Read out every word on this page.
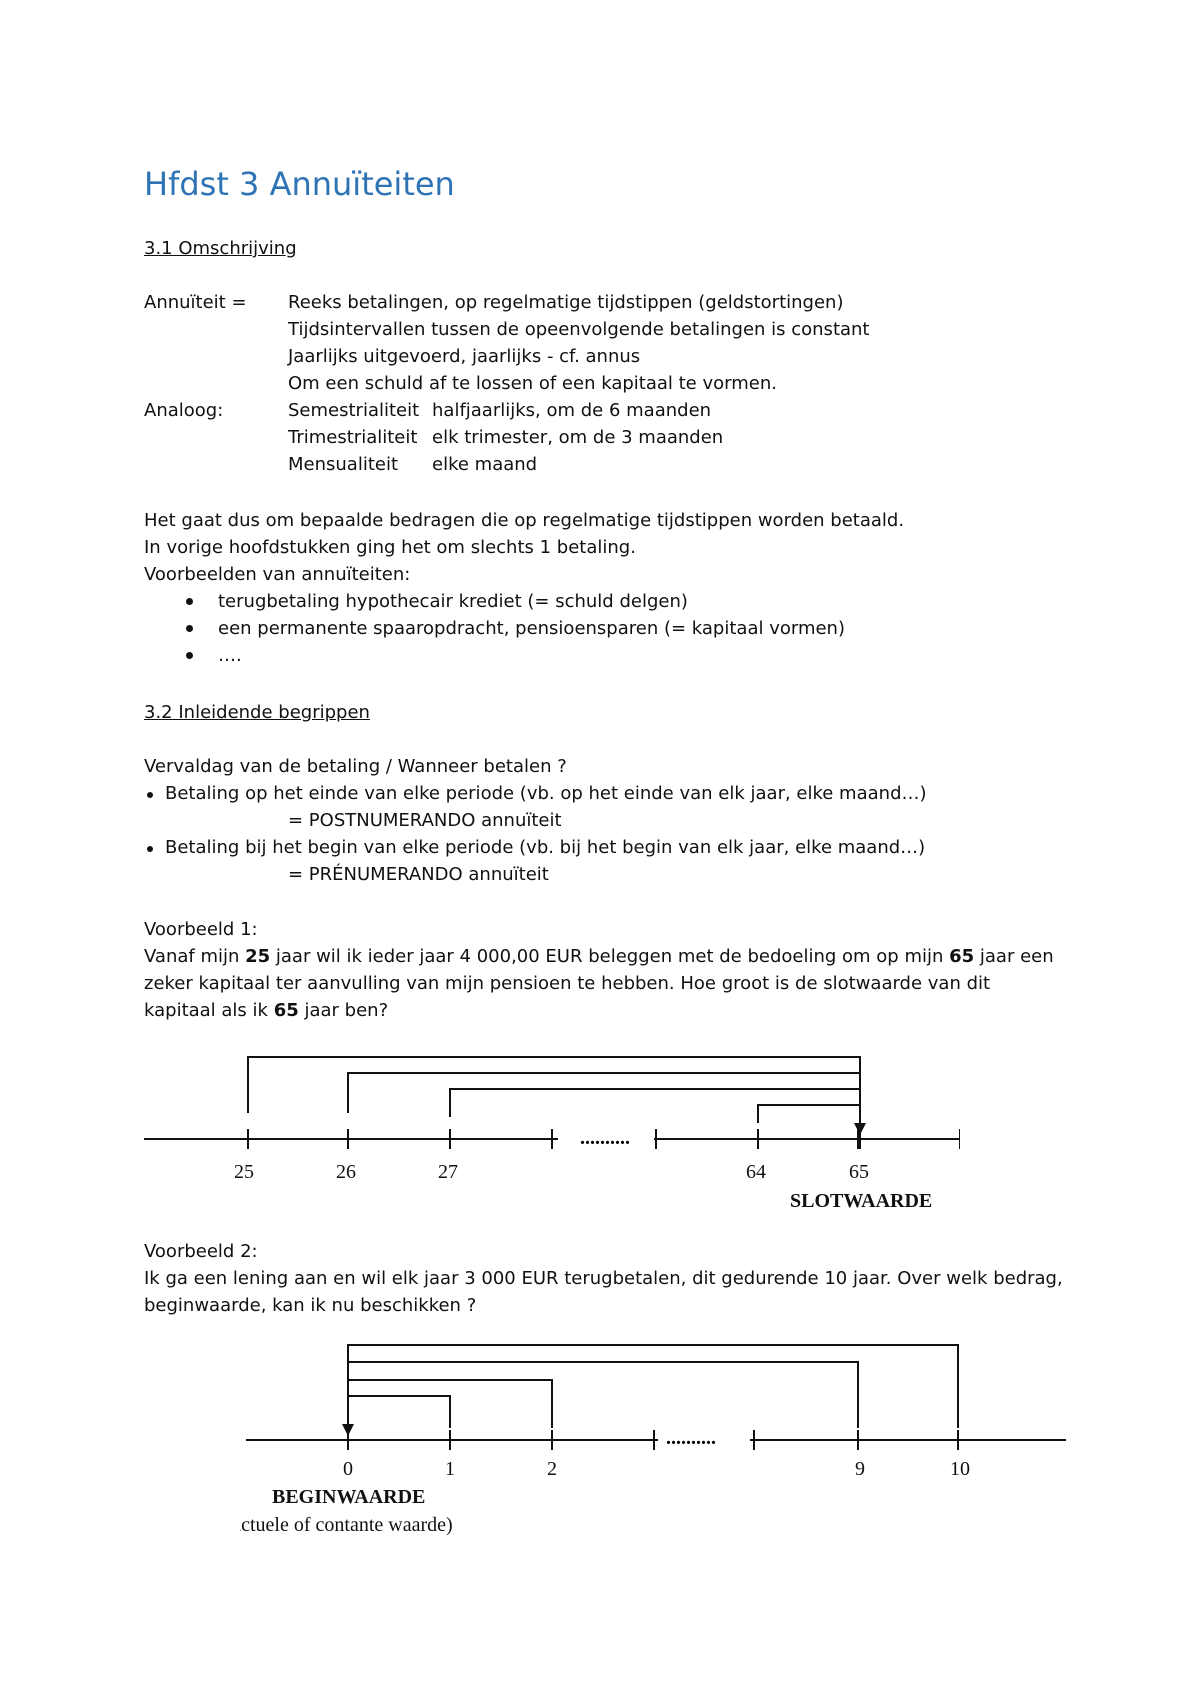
Hfdst 3 Annuïteiten
3.1 Omschrijving
Annuïteit = Reeks betalingen, op regelmatige tijdstippen (geldstortingen)
Tijdsintervallen tussen de opeenvolgende betalingen is constant
Jaarlijks uitgevoerd, jaarlijks - cf. annus
Om een schuld af te lossen of een kapitaal te vormen.
Analoog:	Semestrialiteit halfjaarlijks, om de 6 maanden
Trimestrialiteit elk trimester, om de 3 maanden
Mensualiteit elke maand
Het gaat dus om bepaalde bedragen die op regelmatige tijdstippen worden betaald.
In vorige hoofdstukken ging het om slechts 1 betaling.
Voorbeelden van annuïteiten:
terugbetaling hypothecair krediet (= schuld delgen)
een permanente spaaropdracht, pensioensparen (= kapitaal vormen)
….
3.2 Inleidende begrippen
Vervaldag van de betaling / Wanneer betalen ?
Betaling op het einde van elke periode (vb. op het einde van elk jaar, elke maand…)
= POSTNUMERANDO annuïteit
Betaling bij het begin van elke periode (vb. bij het begin van elk jaar, elke maand…)
= PRÉNUMERANDO annuïteit
Voorbeeld 1:
Vanaf mijn 25 jaar wil ik ieder jaar 4 000,00 EUR beleggen met de bedoeling om op mijn 65 jaar een
zeker kapitaal ter aanvulling van mijn pensioen te hebben. Hoe groot is de slotwaarde van dit
kapitaal als ik 65 jaar ben?
..........
25	26	27	64	65
SLOTWAARDE
Voorbeeld 2:
Ik ga een lening aan en wil elk jaar 3 000 EUR terugbetalen, dit gedurende 10 jaar. Over welk bedrag,
beginwaarde, kan ik nu beschikken ?
..........
0	1	2	9	10
BEGINWAARDE
(Actuele of contante waarde)
